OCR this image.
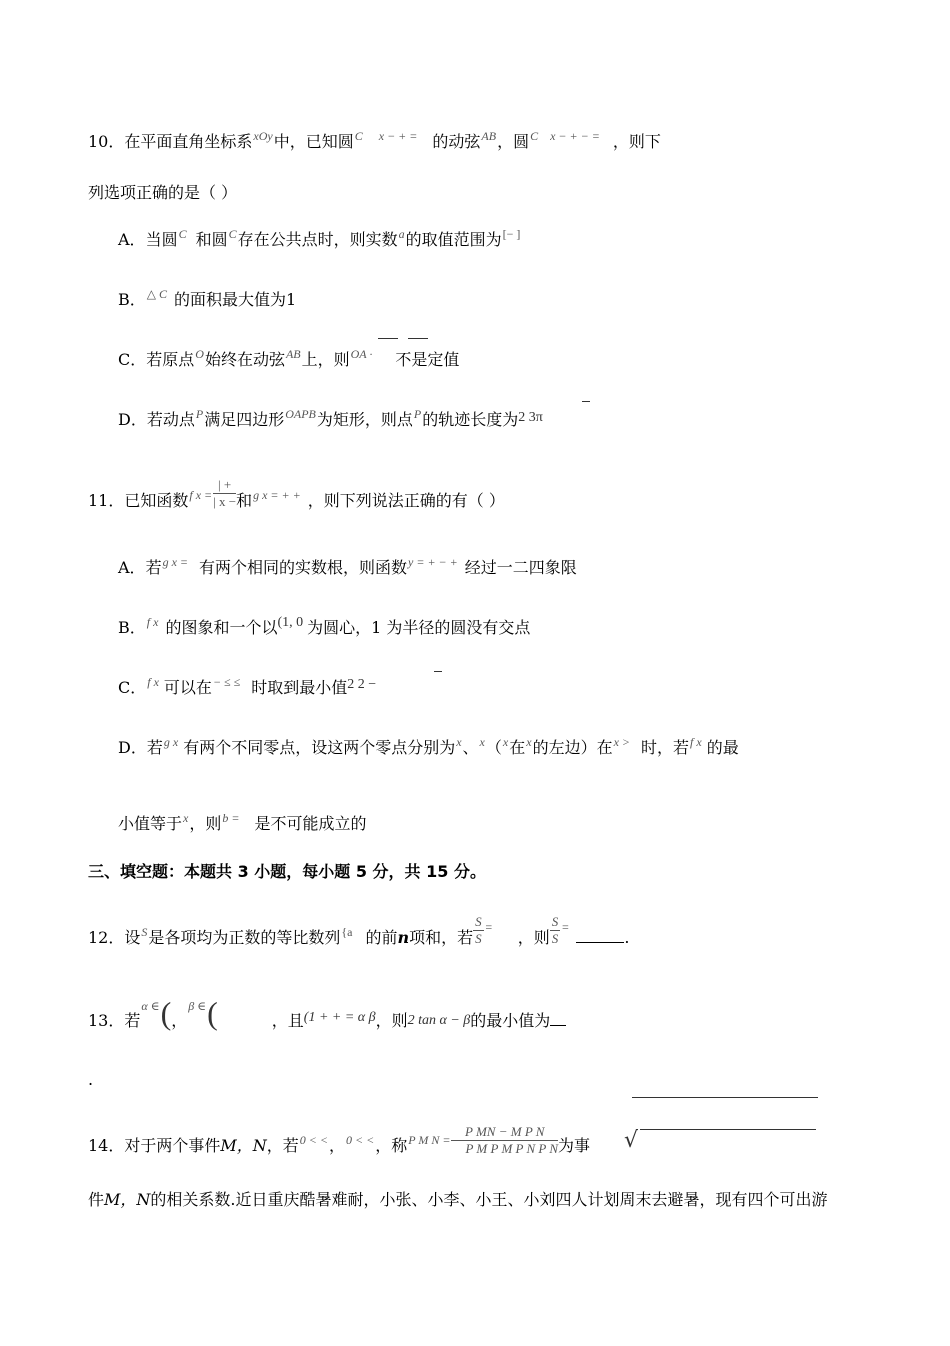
10．在平面直角坐标系$^{xOy}$中，已知圆$^C$ $^{x - + =}$ 的动弦$^{AB}$，圆$^C$ $^{x - + - =}$ ，则下
列选项正确的是（ ）
A．当圆$^C$ 和圆$^C$存在公共点时，则实数$^a$的取值范围为[− ]
B．$^{\triangle C}$ 的面积最大值为1
C．若原点$^O$始终在动弦$^{AB}$上，则$^{OA \cdot}$ 不是定值
D．若动点$^P$满足四边形$^{OAPB}$为矩形，则点$^P$的轨迹长度为2 3π
11．已知函数$^{f x =} \frac{| +}{| x -}$ 和$^{g x = + +}$ ，则下列说法正确的有（ ）
A．若$^{g x =}$ 有两个相同的实数根，则函数$^{y = + - +}$ 经过一二四象限
B．$^{f x}$ 的图象和一个以(1, 0 为圆心，1 为半径的圆没有交点
C．$^{f x}$ 可以在− ≤ ≤ 时取到最小值2 2 −
D．若$^{g x}$ 有两个不同零点，设这两个零点分别为$^x$、$^x$（$^x$在$^x$的左边）在$^{x >}$ 时，若$^{f x}$ 的最
小值等于$^x$，则$^{b =}$ 是不可能成立的
三、填空题：本题共 3 小题，每小题 5 分，共 15 分。
12．设$^S$是各项均为正数的等比数列$^{\{a}$ 的前n项和，若 $\frac{S}{S} ^=$，则 $\frac{S}{S} ^=$.
13．若$^{\alpha \in}$(，$^{\beta \in}$(	，且(1 + + = α β，则2 tan α − β的最小值为
.
14．对于两个事件M，N，若$^{0 < <}$，$^{0 < <}$，称$^{P M N =} \frac{\text{P MN − M P N}}{\text{P M P M P N P N}}$ 为事 √
件M，N的相关系数.近日重庆酷暑难耐，小张、小李、小王、小刘四人计划周末去避暑，现有四个可出游
